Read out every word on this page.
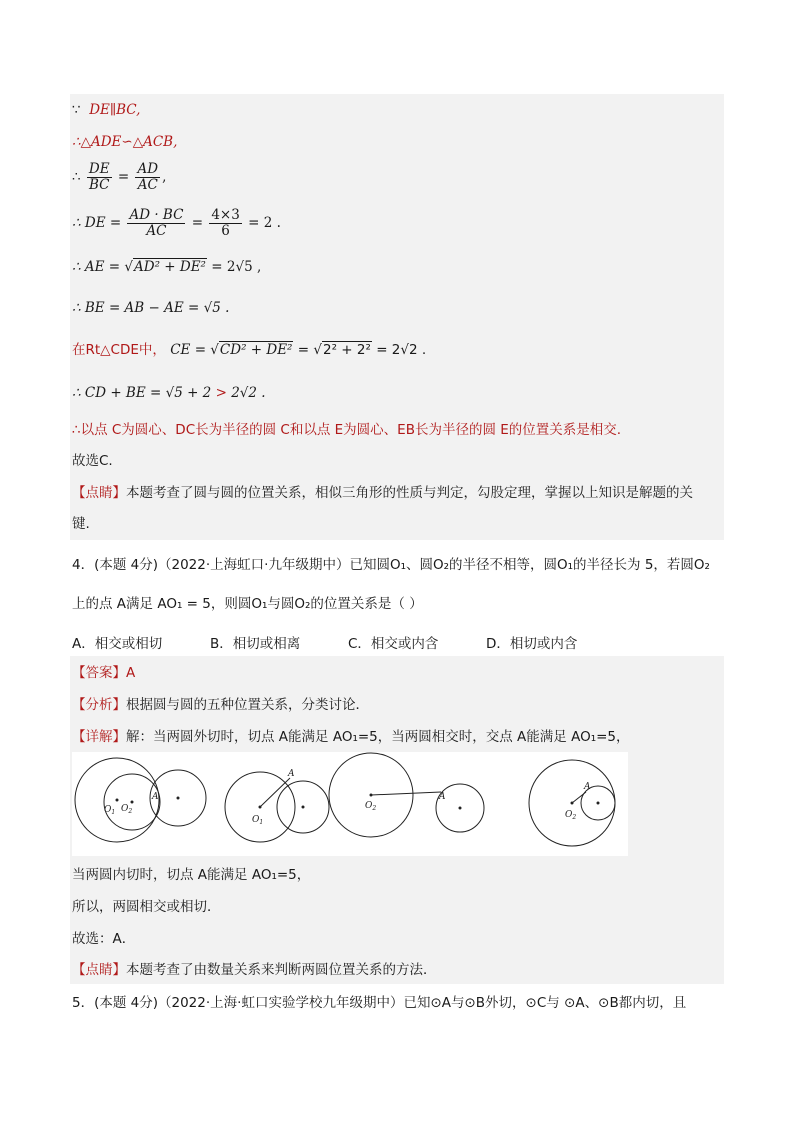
∵ DE∥BC,
∴△ADE∽△ACB,
∴ $\frac{DE}{BC} = \frac{AD}{AC}$ ,
∴ DE = $\frac{AD \cdot BC}{AC} = \frac{4\times 3}{6} = 2$ .
∴ AE = √AD² + DE² = 2√5 ,
∴ BE = AB − AE = √5 .
在Rt△CDE中， CE = √CD² + DE² = √2² + 2² = 2√2 .
∴ CD + BE = √5 + 2 > 2√2 .
∴以点 C为圆心、DC长为半径的圆 C和以点 E为圆心、EB长为半径的圆 E的位置关系是相交.
故选C.
【点睛】本题考查了圆与圆的位置关系，相似三角形的性质与判定，勾股定理，掌握以上知识是解题的关
键.
4．(本题 4分)（2022·上海虹口·九年级期中）已知圆O₁、圆O₂的半径不相等，圆O₁的半径长为 5，若圆O₂
上的点 A满足 AO₁ = 5，则圆O₁与圆O₂的位置关系是（ ）
A．相交或相切	B．相切或相离	C．相交或内含	D．相切或内含
【答案】A
【分析】根据圆与圆的五种位置关系，分类讨论．
【详解】解：当两圆外切时，切点 A能满足 AO₁=5，当两圆相交时，交点 A能满足 AO₁=5，
$O_1$ $O_2$
A
A
$O_1$
$O_2$
A
A
$O_2$
当两圆内切时，切点 A能满足 AO₁=5，
所以，两圆相交或相切．
故选：A．
【点睛】本题考查了由数量关系来判断两圆位置关系的方法．
5．(本题 4分)（2022·上海·虹口实验学校九年级期中）已知⊙A与⊙B外切，⊙C与 ⊙A、⊙B都内切，且
